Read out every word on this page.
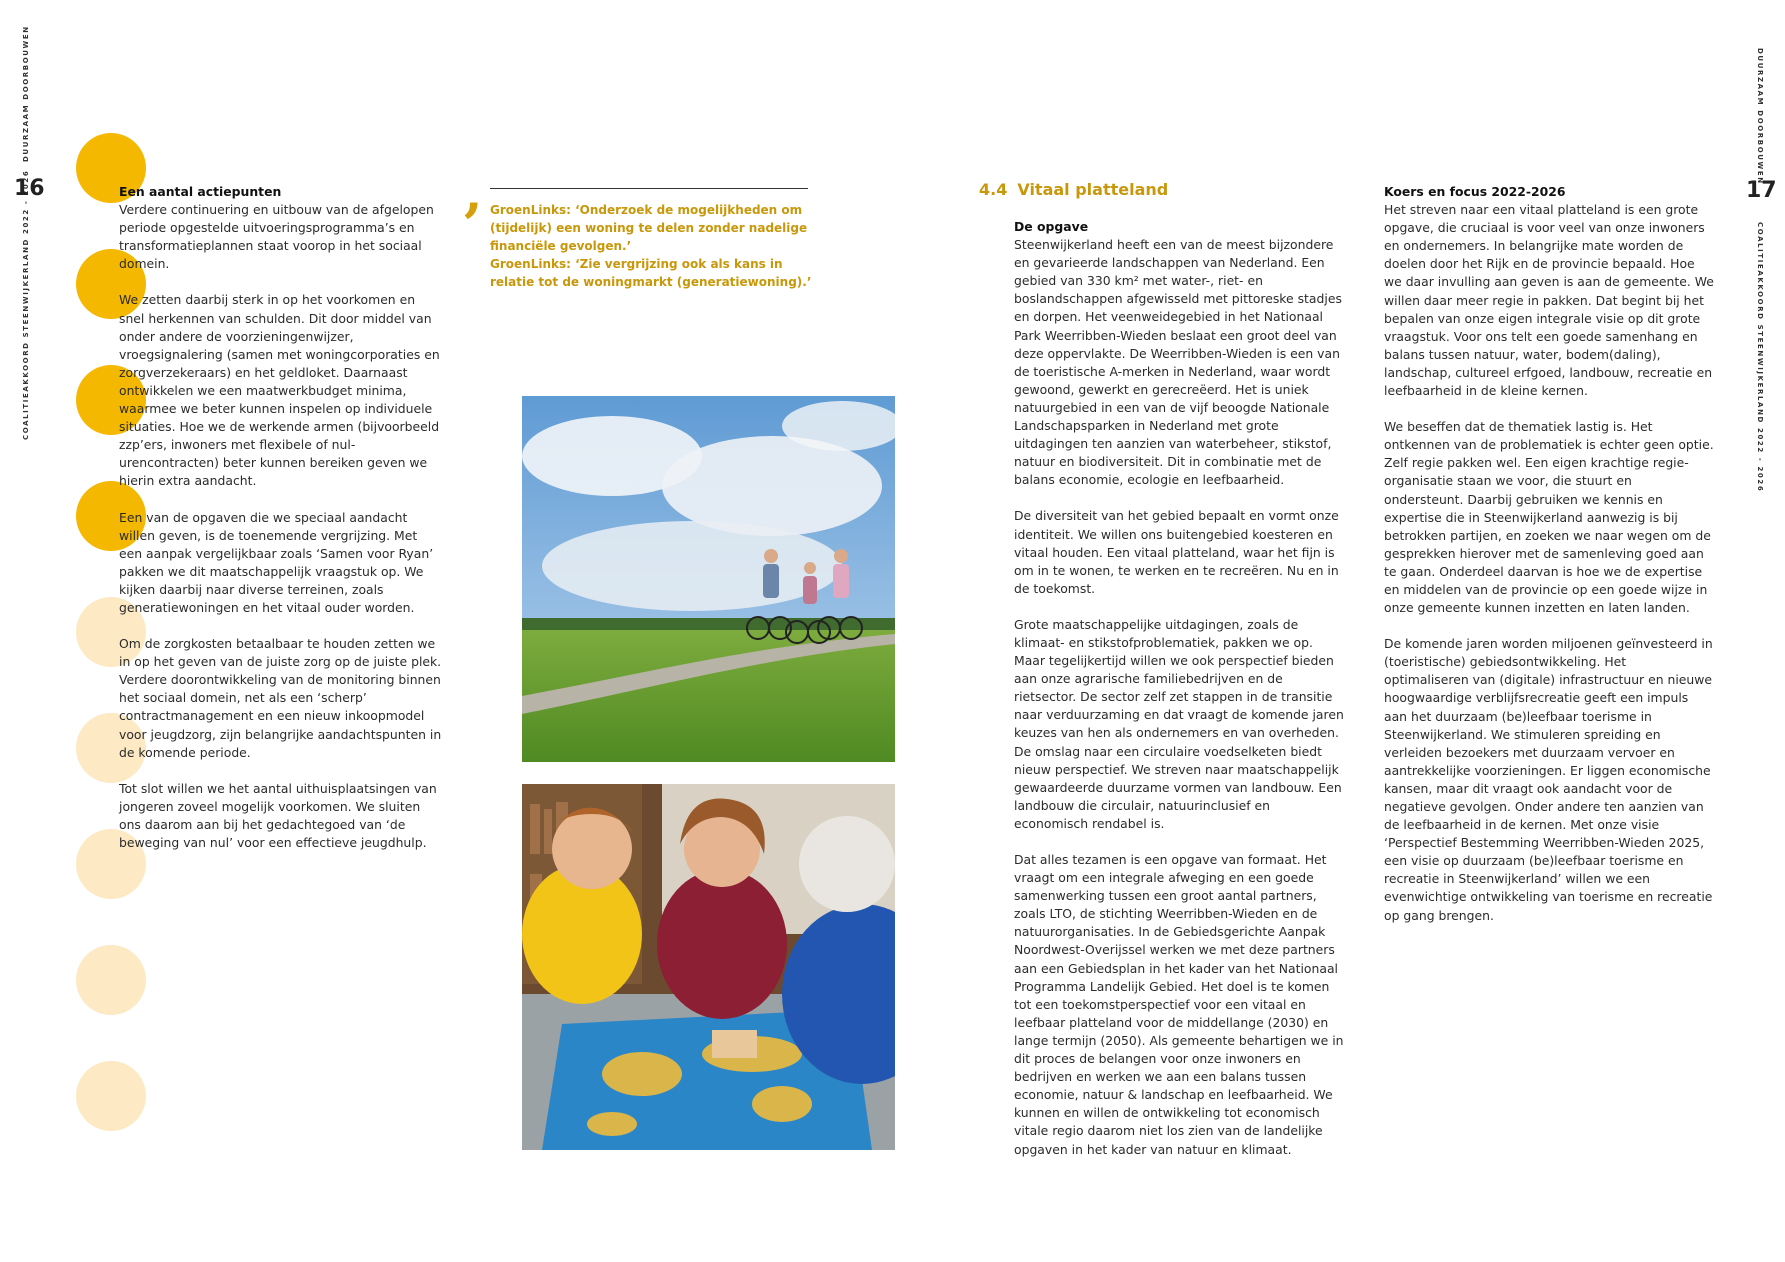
DUURZAAM DOORBOUWEN
COALITIEAKKOORD STEENWIJKERLAND 2022 - 2026
DUURZAAM DOORBOUWEN
COALITIEAKKOORD STEENWIJKERLAND 2022 - 2026
16	17
Een aantal actiepunten

Verdere continuering en uitbouw van de afgelopen periode opgestelde uitvoeringsprogramma’s en transformatieplannen staat voorop in het sociaal domein.

We zetten daarbij sterk in op het voorkomen en snel herkennen van schulden. Dit door middel van onder andere de voorzieningenwijzer, vroegsignalering (samen met woningcorporaties en zorgverzekeraars) en het geldloket. Daarnaast ontwikkelen we een maatwerkbudget minima, waarmee we beter kunnen inspelen op individuele situaties. Hoe we de werkende armen (bijvoorbeeld zzp’ers, inwoners met flexibele of nul-urencontracten) beter kunnen bereiken geven we hierin extra aandacht.

Een van de opgaven die we speciaal aandacht willen geven, is de toenemende vergrijzing. Met een aanpak vergelijkbaar zoals ‘Samen voor Ryan’ pakken we dit maatschappelijk vraagstuk op. We kijken daarbij naar diverse terreinen, zoals generatiewoningen en het vitaal ouder worden.

Om de zorgkosten betaalbaar te houden zetten we in op het geven van de juiste zorg op de juiste plek. Verdere doorontwikkeling van de monitoring binnen het sociaal domein, net als een ‘scherp’ contractmanagement en een nieuw inkoopmodel voor jeugdzorg, zijn belangrijke aandachtspunten in de komende periode.

Tot slot willen we het aantal uithuisplaatsingen van jongeren zoveel mogelijk voorkomen. We sluiten ons daarom aan bij het gedachtegoed van ‘de beweging van nul’ voor een effectieve jeugdhulp.

’ GroenLinks: ‘Onderzoek de mogelijkheden om (tijdelijk) een woning te delen zonder nadelige financiële gevolgen.’
GroenLinks: ‘Zie vergrijzing ook als kans in relatie tot de woningmarkt (generatiewoning).’
4.4 Vitaal platteland
De opgave

Steenwijkerland heeft een van de meest bijzondere en gevarieerde landschappen van Nederland. Een gebied van 330 km² met water-, riet- en boslandschappen afgewisseld met pittoreske stadjes en dorpen. Het veenweidegebied in het Nationaal Park Weerribben-Wieden beslaat een groot deel van deze oppervlakte. De Weerribben-Wieden is een van de toeristische A-merken in Nederland, waar wordt gewoond, gewerkt en gerecreëerd. Het is uniek natuurgebied in een van de vijf beoogde Nationale Landschapsparken in Nederland met grote uitdagingen ten aanzien van waterbeheer, stikstof, natuur en biodiversiteit. Dit in combinatie met de balans economie, ecologie en leefbaarheid.

De diversiteit van het gebied bepaalt en vormt onze identiteit. We willen ons buitengebied koesteren en vitaal houden. Een vitaal platteland, waar het fijn is om in te wonen, te werken en te recreëren. Nu en in de toekomst.

Grote maatschappelijke uitdagingen, zoals de klimaat- en stikstofproblematiek, pakken we op. Maar tegelijkertijd willen we ook perspectief bieden aan onze agrarische familiebedrijven en de rietsector. De sector zelf zet stappen in de transitie naar verduurzaming en dat vraagt de komende jaren keuzes van hen als ondernemers en van overheden. De omslag naar een circulaire voedselketen biedt nieuw perspectief. We streven naar maatschappelijk gewaardeerde duurzame vormen van landbouw. Een landbouw die circulair, natuurinclusief en economisch rendabel is.

Dat alles tezamen is een opgave van formaat. Het vraagt om een integrale afweging en een goede samenwerking tussen een groot aantal partners, zoals LTO, de stichting Weerribben-Wieden en de natuurorganisaties. In de Gebiedsgerichte Aanpak Noordwest-Overijssel werken we met deze partners aan een Gebiedsplan in het kader van het Nationaal Programma Landelijk Gebied. Het doel is te komen tot een toekomstperspectief voor een vitaal en leefbaar platteland voor de middellange (2030) en lange termijn (2050). Als gemeente behartigen we in dit proces de belangen voor onze inwoners en bedrijven en werken we aan een balans tussen economie, natuur & landschap en leefbaarheid. We kunnen en willen de ontwikkeling tot economisch vitale regio daarom niet los zien van de landelijke opgaven in het kader van natuur en klimaat.

Koers en focus 2022-2026

Het streven naar een vitaal platteland is een grote opgave, die cruciaal is voor veel van onze inwoners en ondernemers. In belangrijke mate worden de doelen door het Rijk en de provincie bepaald. Hoe we daar invulling aan geven is aan de gemeente. We willen daar meer regie in pakken. Dat begint bij het bepalen van onze eigen integrale visie op dit grote vraagstuk. Voor ons telt een goede samenhang en balans tussen natuur, water, bodem(daling), landschap, cultureel erfgoed, landbouw, recreatie en leefbaarheid in de kleine kernen.

We beseffen dat de thematiek lastig is. Het ontkennen van de problematiek is echter geen optie. Zelf regie pakken wel. Een eigen krachtige regie-organisatie staan we voor, die stuurt en ondersteunt. Daarbij gebruiken we kennis en expertise die in Steenwijkerland aanwezig is bij betrokken partijen, en zoeken we naar wegen om de gesprekken hierover met de samenleving goed aan te gaan. Onderdeel daarvan is hoe we de expertise en middelen van de provincie op een goede wijze in onze gemeente kunnen inzetten en laten landen.

De komende jaren worden miljoenen geïnvesteerd in (toeristische) gebiedsontwikkeling. Het optimaliseren van (digitale) infrastructuur en nieuwe hoogwaardige verblijfsrecreatie geeft een impuls aan het duurzaam (be)leefbaar toerisme in Steenwijkerland. We stimuleren spreiding en verleiden bezoekers met duurzaam vervoer en aantrekkelijke voorzieningen. Er liggen economische kansen, maar dit vraagt ook aandacht voor de negatieve gevolgen. Onder andere ten aanzien van de leefbaarheid in de kernen. Met onze visie ‘Perspectief Bestemming Weerribben-Wieden 2025, een visie op duurzaam (be)leefbaar toerisme en recreatie in Steenwijkerland’ willen we een evenwichtige ontwikkeling van toerisme en recreatie op gang brengen.
